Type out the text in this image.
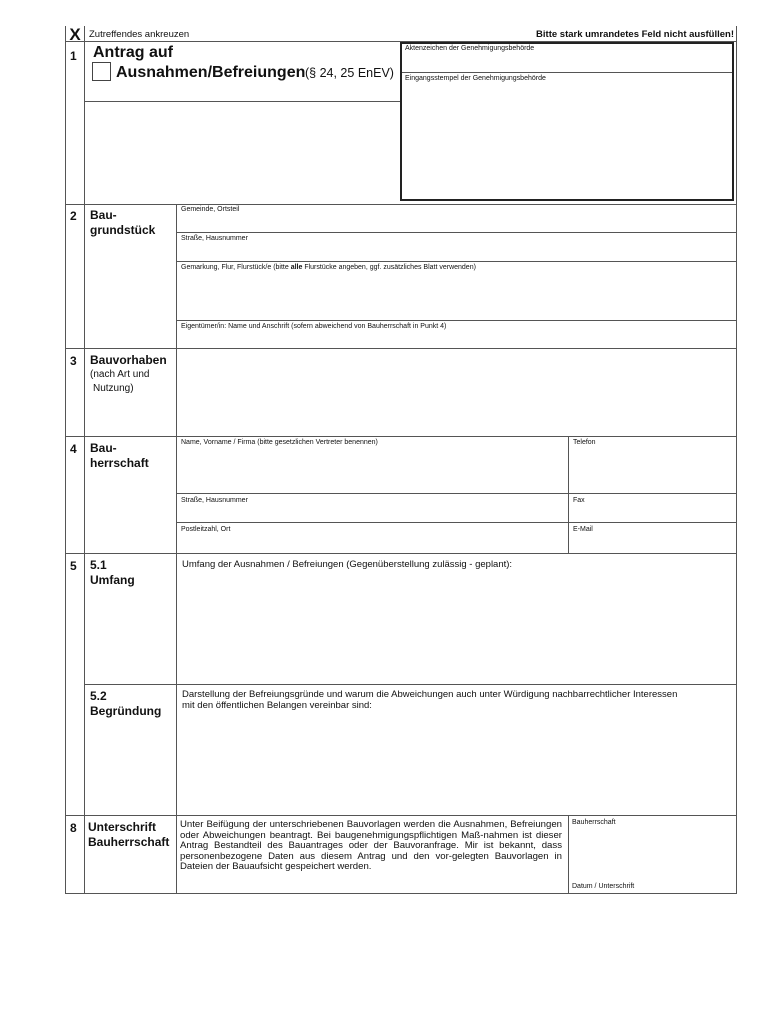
X Zutreffendes ankreuzen	Bitte stark umrandetes Feld nicht ausfüllen!
1 Antrag auf
Ausnahmen/Befreiungen (§ 24, 25 EnEV)
Aktenzeichen der Genehmigungsbehörde
Eingangsstempel der Genehmigungsbehörde
2 Bau-
grundstück
Gemeinde, Ortsteil
Straße, Hausnummer
Gemarkung, Flur, Flurstück/e (bitte alle Flurstücke angeben, ggf. zusätzliches Blatt verwenden)
Eigentümer/in: Name und Anschrift (sofern abweichend von Bauherrschaft in Punkt 4)
3 Bauvorhaben
(nach Art und
Nutzung)
4 Bau-
herrschaft
Name, Vorname / Firma (bitte gesetzlichen Vertreter benennen)	Telefon
Straße, Hausnummer	Fax
Postleitzahl, Ort	E-Mail
5 5.1
Umfang
Umfang der Ausnahmen / Befreiungen (Gegenüberstellung zulässig - geplant):
5.2
Begründung
Darstellung der Befreiungsgründe und warum die Abweichungen auch unter Würdigung nachbarrechtlicher Interessen
mit den öffentlichen Belangen vereinbar sind:
8 Unterschrift
Bauherrschaft
Unter Beifügung der unterschriebenen Bauvorlagen werden die Ausnahmen, Befreiungen oder Abweichungen beantragt. Bei baugenehmigungspflichtigen Maß-nahmen ist dieser Antrag Bestandteil des Bauantrages oder der Bauvoranfrage. Mir ist bekannt, dass personenbezogene Daten aus diesem Antrag und den vor-gelegten Bauvorlagen in Dateien der Bauaufsicht gespeichert werden.
Bauherrschaft
Datum / Unterschrift
